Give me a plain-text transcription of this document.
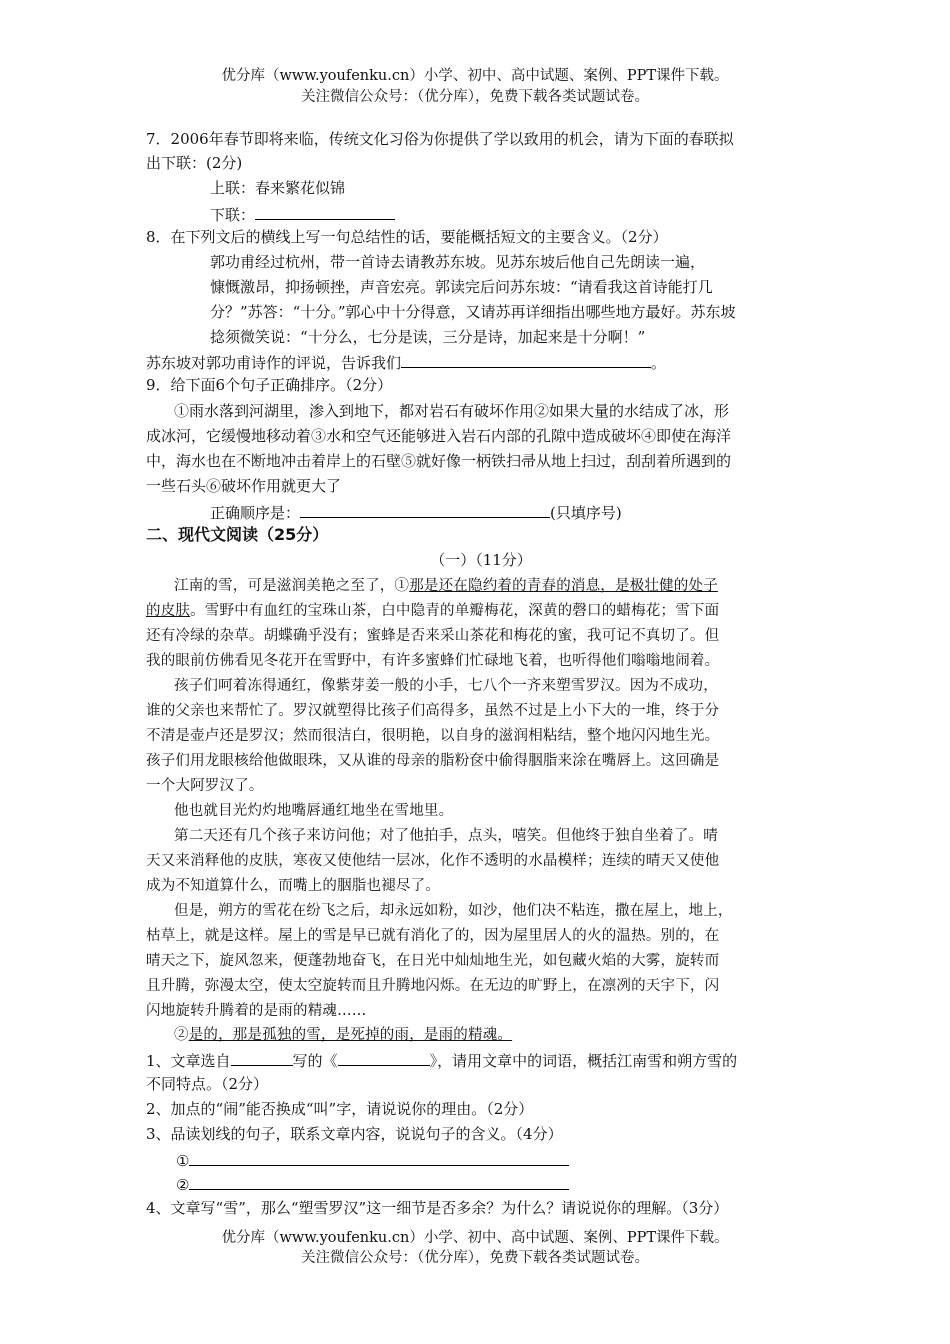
优分库（www.youfenku.cn）小学、初中、高中试题、案例、PPT课件下载。
关注微信公众号：（优分库），免费下载各类试题试卷。
7．2006年春节即将来临，传统文化习俗为你提供了学以致用的机会，请为下面的春联拟
出下联：(2分)
上联：春来繁花似锦
下联：
8．在下列文后的横线上写一句总结性的话，要能概括短文的主要含义。（2分）
郭功甫经过杭州，带一首诗去请教苏东坡。见苏东坡后他自己先朗读一遍，
慷慨激昂，抑扬顿挫，声音宏亮。郭读完后问苏东坡：“请看我这首诗能打几
分？”苏答：“十分。”郭心中十分得意，又请苏再详细指出哪些地方最好。苏东坡
捻须微笑说：“十分么，七分是读，三分是诗，加起来是十分啊！”
苏东坡对郭功甫诗作的评说，告诉我们	。
9．给下面6个句子正确排序。（2分）
①雨水落到河湖里，渗入到地下，都对岩石有破坏作用②如果大量的水结成了冰，形
成冰河，它缓慢地移动着③水和空气还能够进入岩石内部的孔隙中造成破坏④即使在海洋
中，海水也在不断地冲击着岸上的石壁⑤就好像一柄铁扫帚从地上扫过，刮刮着所遇到的
一些石头⑥破坏作用就更大了
正确顺序是：	(只填序号)
二、现代文阅读（25分）
（一）（11分）
江南的雪，可是滋润美艳之至了，①那是还在隐约着的青春的消息，是极壮健的处子
的皮肤。雪野中有血红的宝珠山茶，白中隐青的单瓣梅花，深黄的磬口的蜡梅花；雪下面
还有冷绿的杂草。胡蝶确乎没有；蜜蜂是否来采山茶花和梅花的蜜，我可记不真切了。但
我的眼前仿佛看见冬花开在雪野中，有许多蜜蜂们忙碌地飞着，也听得他们嗡嗡地闹着。
孩子们呵着冻得通红，像紫芽姜一般的小手，七八个一齐来塑雪罗汉。因为不成功，
谁的父亲也来帮忙了。罗汉就塑得比孩子们高得多，虽然不过是上小下大的一堆，终于分
不清是壶卢还是罗汉；然而很洁白，很明艳，以自身的滋润相粘结，整个地闪闪地生光。
孩子们用龙眼核给他做眼珠，又从谁的母亲的脂粉奁中偷得胭脂来涂在嘴唇上。这回确是
一个大阿罗汉了。
他也就目光灼灼地嘴唇通红地坐在雪地里。
第二天还有几个孩子来访问他；对了他拍手，点头，嘻笑。但他终于独自坐着了。晴
天又来消释他的皮肤，寒夜又使他结一层冰，化作不透明的水晶模样；连续的晴天又使他
成为不知道算什么，而嘴上的胭脂也褪尽了。
但是，朔方的雪花在纷飞之后，却永远如粉，如沙，他们决不粘连，撒在屋上，地上，
枯草上，就是这样。屋上的雪是早已就有消化了的，因为屋里居人的火的温热。别的，在
晴天之下，旋风忽来，便蓬勃地奋飞，在日光中灿灿地生光，如包藏火焰的大雾，旋转而
且升腾，弥漫太空，使太空旋转而且升腾地闪烁。在无边的旷野上，在凛冽的天宇下，闪
闪地旋转升腾着的是雨的精魂……
②是的，那是孤独的雪，是死掉的雨，是雨的精魂。
1、文章选自	写的《	》，请用文章中的词语，概括江南雪和朔方雪的
不同特点。（2分）
2、加点的“闹”能否换成“叫”字，请说说你的理由。（2分）
3、品读划线的句子，联系文章内容，说说句子的含义。（4分）
①
②
4、文章写“雪”，那么“塑雪罗汉”这一细节是否多余？为什么？请说说你的理解。（3分）
优分库（www.youfenku.cn）小学、初中、高中试题、案例、PPT课件下载。
关注微信公众号：（优分库），免费下载各类试题试卷。
